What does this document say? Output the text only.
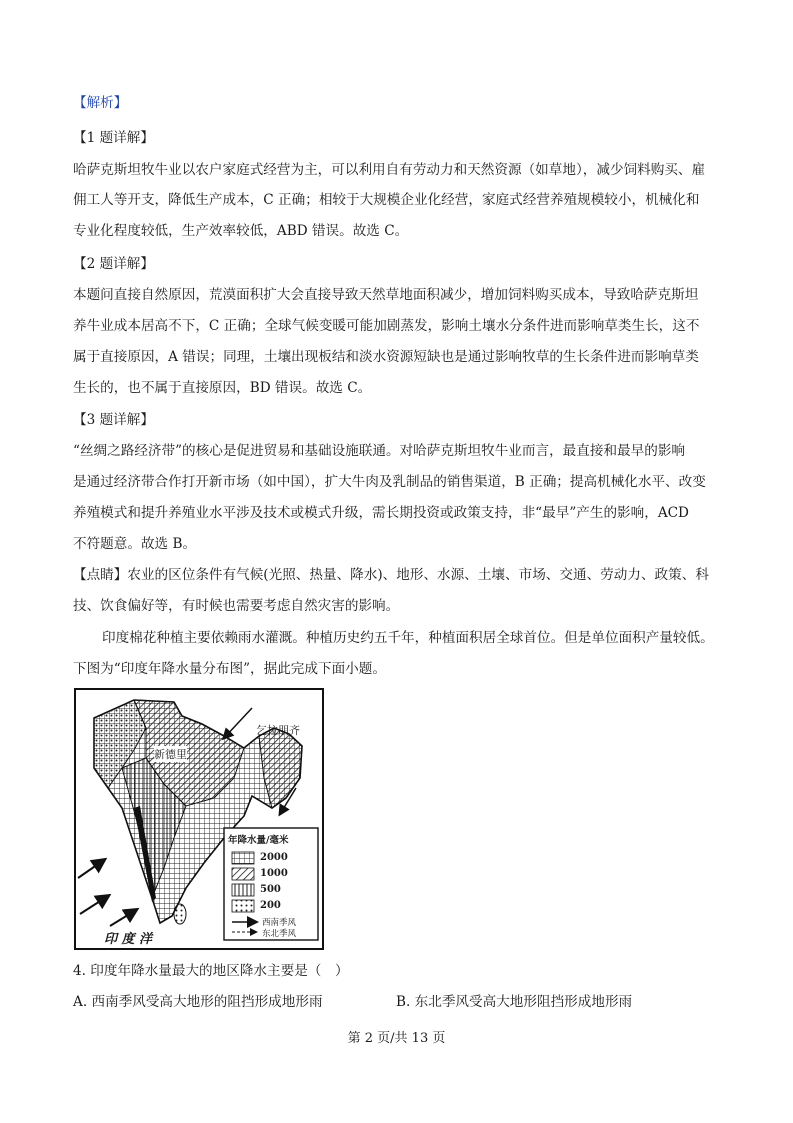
【解析】
【1 题详解】
哈萨克斯坦牧牛业以农户家庭式经营为主，可以利用自有劳动力和天然资源（如草地），减少饲料购买、雇
佣工人等开支，降低生产成本，C 正确；相较于大规模企业化经营，家庭式经营养殖规模较小，机械化和
专业化程度较低，生产效率较低，ABD 错误。故选 C。
【2 题详解】
本题问直接自然原因，荒漠面积扩大会直接导致天然草地面积减少，增加饲料购买成本，导致哈萨克斯坦
养牛业成本居高不下，C 正确；全球气候变暖可能加剧蒸发，影响土壤水分条件进而影响草类生长，这不
属于直接原因，A 错误；同理，土壤出现板结和淡水资源短缺也是通过影响牧草的生长条件进而影响草类
生长的，也不属于直接原因，BD 错误。故选 C。
【3 题详解】
“丝绸之路经济带”的核心是促进贸易和基础设施联通。对哈萨克斯坦牧牛业而言，最直接和最早的影响
是通过经济带合作打开新市场（如中国），扩大牛肉及乳制品的销售渠道，B 正确；提高机械化水平、改变
养殖模式和提升养殖业水平涉及技术或模式升级，需长期投资或政策支持，非“最早”产生的影响，ACD
不符题意。故选 B。
【点睛】农业的区位条件有气候(光照、热量、降水)、地形、水源、土壤、市场、交通、劳动力、政策、科
技、饮食偏好等，有时候也需要考虑自然灾害的影响。
印度棉花种植主要依赖雨水灌溉。种植历史约五千年，种植面积居全球首位。但是单位面积产量较低。
下图为“印度年降水量分布图”，据此完成下面小题。
新德里
乞拉朋齐
印 度 洋
年降水量/毫米
2000
1000
500
200
西南季风
东北季风
4. 印度年降水量最大的地区降水主要是（　）
A. 西南季风受高大地形的阻挡形成地形雨	B. 东北季风受高大地形阻挡形成地形雨
第 2 页/共 13 页
